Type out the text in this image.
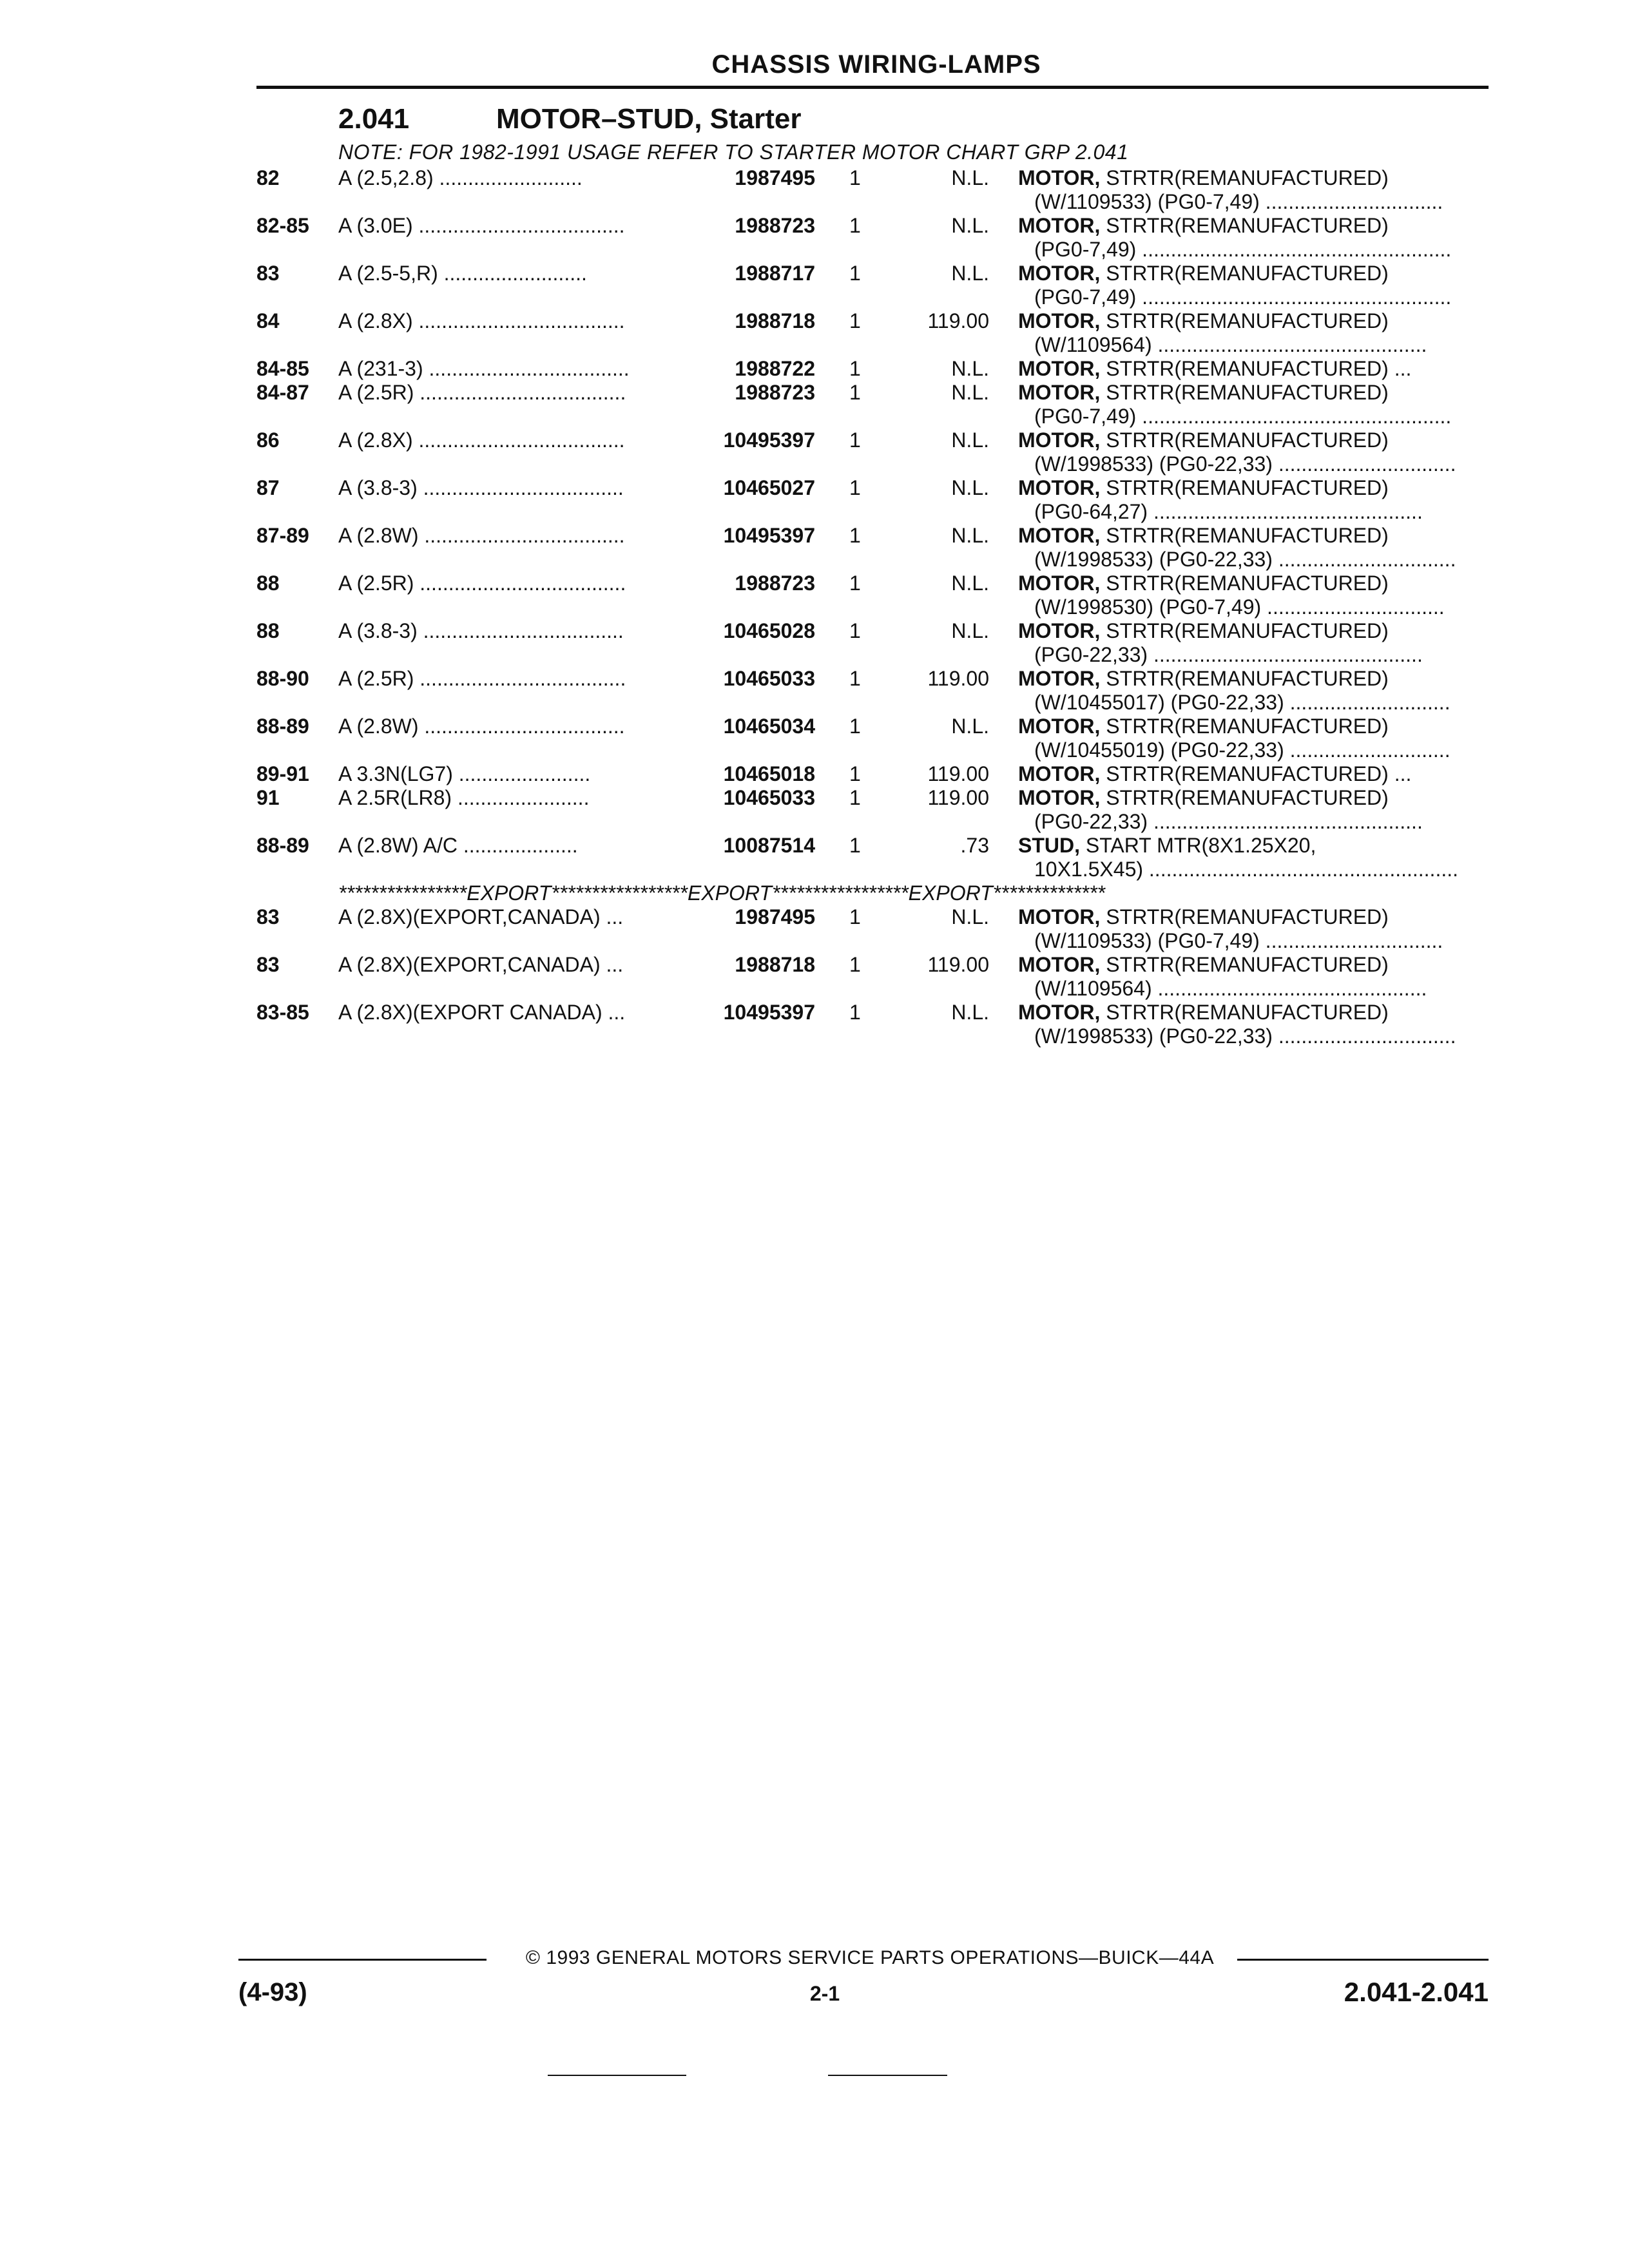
CHASSIS WIRING-LAMPS
2.041	MOTOR–STUD, Starter
NOTE: FOR 1982-1991 USAGE REFER TO STARTER MOTOR CHART GRP 2.041
82	A (2.5,2.8) .........................	1987495 1	N.L. MOTOR, STRTR(REMANUFACTURED)
(W/1109533) (PG0-7,49) ...............................
82-85 A (3.0E) ....................................	1988723 1	N.L. MOTOR, STRTR(REMANUFACTURED)
(PG0-7,49) ......................................................
83	A (2.5-5,R) .........................	1988717 1	N.L. MOTOR, STRTR(REMANUFACTURED)
(PG0-7,49) ......................................................
84	A (2.8X) ....................................	1988718 1	119.00 MOTOR, STRTR(REMANUFACTURED)
(W/1109564) ...............................................
84-85 A (231-3) ...................................	1988722 1	N.L. MOTOR, STRTR(REMANUFACTURED) ...
84-87 A (2.5R) ....................................	1988723 1	N.L. MOTOR, STRTR(REMANUFACTURED)
(PG0-7,49) ......................................................
86	A (2.8X) ....................................	10495397 1	N.L. MOTOR, STRTR(REMANUFACTURED)
(W/1998533) (PG0-22,33) ...............................
87	A (3.8-3) ...................................	10465027 1	N.L. MOTOR, STRTR(REMANUFACTURED)
(PG0-64,27) ...............................................
87-89 A (2.8W) ...................................	10495397 1	N.L. MOTOR, STRTR(REMANUFACTURED)
(W/1998533) (PG0-22,33) ...............................
88	A (2.5R) ....................................	1988723 1	N.L. MOTOR, STRTR(REMANUFACTURED)
(W/1998530) (PG0-7,49) ...............................
88	A (3.8-3) ...................................	10465028 1	N.L. MOTOR, STRTR(REMANUFACTURED)
(PG0-22,33) ...............................................
88-90 A (2.5R) ....................................	10465033 1	119.00 MOTOR, STRTR(REMANUFACTURED)
(W/10455017) (PG0-22,33) ............................
88-89 A (2.8W) ...................................	10465034 1	N.L. MOTOR, STRTR(REMANUFACTURED)
(W/10455019) (PG0-22,33) ............................
89-91 A 3.3N(LG7) .......................	10465018 1	119.00 MOTOR, STRTR(REMANUFACTURED) ...
91	A 2.5R(LR8) .......................	10465033 1	119.00 MOTOR, STRTR(REMANUFACTURED)
(PG0-22,33) ...............................................
88-89 A (2.8W) A/C ....................	10087514 1	.73 STUD, START MTR(8X1.25X20,
10X1.5X45) ......................................................
****************EXPORT*****************EXPORT*****************EXPORT**************
83	A (2.8X)(EXPORT,CANADA) ...	1987495 1	N.L. MOTOR, STRTR(REMANUFACTURED)
(W/1109533) (PG0-7,49) ...............................
83	A (2.8X)(EXPORT,CANADA) ...	1988718 1	119.00 MOTOR, STRTR(REMANUFACTURED)
(W/1109564) ...............................................
83-85 A (2.8X)(EXPORT CANADA) ...	10495397 1	N.L. MOTOR, STRTR(REMANUFACTURED)
(W/1998533) (PG0-22,33) ...............................
© 1993 GENERAL MOTORS SERVICE PARTS OPERATIONS—BUICK—44A
(4-93)	2-1	2.041-2.041
